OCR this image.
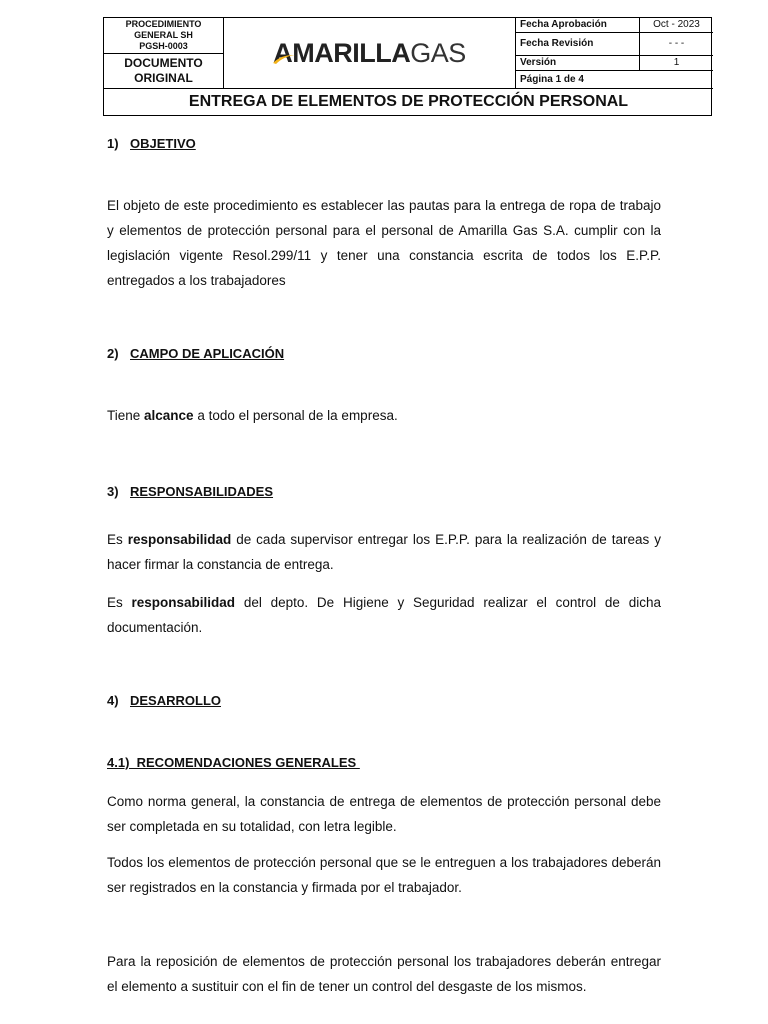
PROCEDIMIENTO
GENERAL SH
PGSH-0003
DOCUMENTO
ORIGINAL
AMARILLAGAS
Fecha Aprobación	Oct - 2023
Fecha Revisión	- - -
Versión	1
Página 1 de 4
ENTREGA DE ELEMENTOS DE PROTECCIÓN PERSONAL
1) OBJETIVO

El objeto de este procedimiento es establecer las pautas para la entrega de ropa de trabajo y elementos de protección personal para el personal de Amarilla Gas S.A. cumplir con la legislación vigente Resol.299/11 y tener una constancia escrita de todos los E.P.P. entregados a los trabajadores

2) CAMPO DE APLICACIÓN

Tiene alcance a todo el personal de la empresa.

3) RESPONSABILIDADES

Es responsabilidad de cada supervisor entregar los E.P.P. para la realización de tareas y hacer firmar la constancia de entrega.

Es responsabilidad del depto. De Higiene y Seguridad realizar el control de dicha documentación.

4) DESARROLLO
4.1)  RECOMENDACIONES GENERALES

Como norma general, la constancia de entrega de elementos de protección personal debe ser completada en su totalidad, con letra legible.

Todos los elementos de protección personal que se le entreguen a los trabajadores deberán ser registrados en la constancia y firmada por el trabajador.

Para la reposición de elementos de protección personal los trabajadores deberán entregar el elemento a sustituir con el fin de tener un control del desgaste de los mismos.
